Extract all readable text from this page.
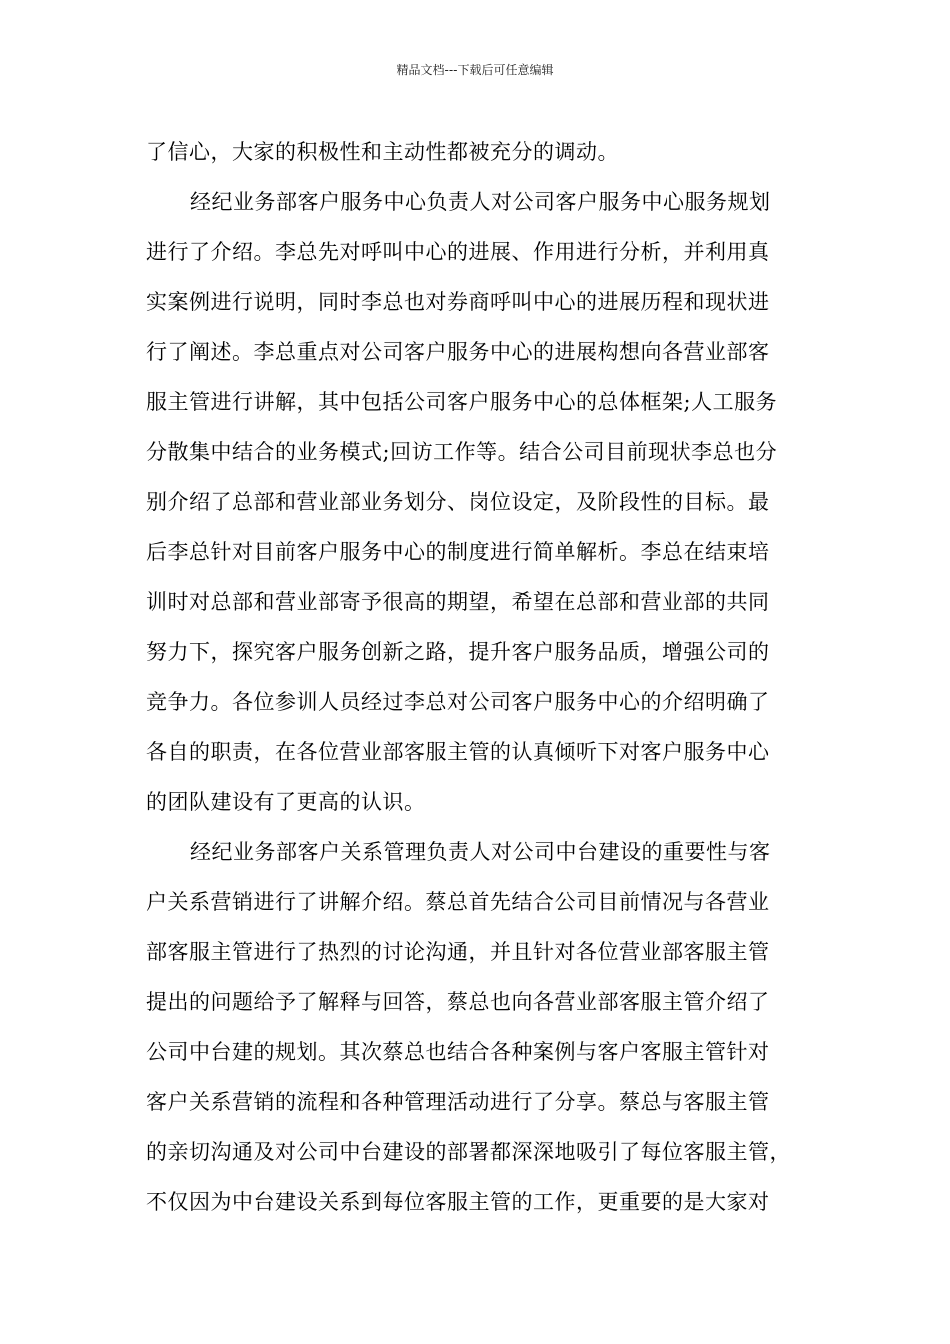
精品文档---下载后可任意编辑
了信心，大家的积极性和主动性都被充分的调动。
经纪业务部客户服务中心负责人对公司客户服务中心服务规划
进行了介绍。李总先对呼叫中心的进展、作用进行分析，并利用真
实案例进行说明，同时李总也对券商呼叫中心的进展历程和现状进
行了阐述。李总重点对公司客户服务中心的进展构想向各营业部客
服主管进行讲解，其中包括公司客户服务中心的总体框架;人工服务
分散集中结合的业务模式;回访工作等。结合公司目前现状李总也分
别介绍了总部和营业部业务划分、岗位设定，及阶段性的目标。最
后李总针对目前客户服务中心的制度进行简单解析。李总在结束培
训时对总部和营业部寄予很高的期望，希望在总部和营业部的共同
努力下，探究客户服务创新之路，提升客户服务品质，增强公司的
竞争力。各位参训人员经过李总对公司客户服务中心的介绍明确了
各自的职责，在各位营业部客服主管的认真倾听下对客户服务中心
的团队建设有了更高的认识。
经纪业务部客户关系管理负责人对公司中台建设的重要性与客
户关系营销进行了讲解介绍。蔡总首先结合公司目前情况与各营业
部客服主管进行了热烈的讨论沟通，并且针对各位营业部客服主管
提出的问题给予了解释与回答，蔡总也向各营业部客服主管介绍了
公司中台建的规划。其次蔡总也结合各种案例与客户客服主管针对
客户关系营销的流程和各种管理活动进行了分享。蔡总与客服主管
的亲切沟通及对公司中台建设的部署都深深地吸引了每位客服主管，
不仅因为中台建设关系到每位客服主管的工作，更重要的是大家对
